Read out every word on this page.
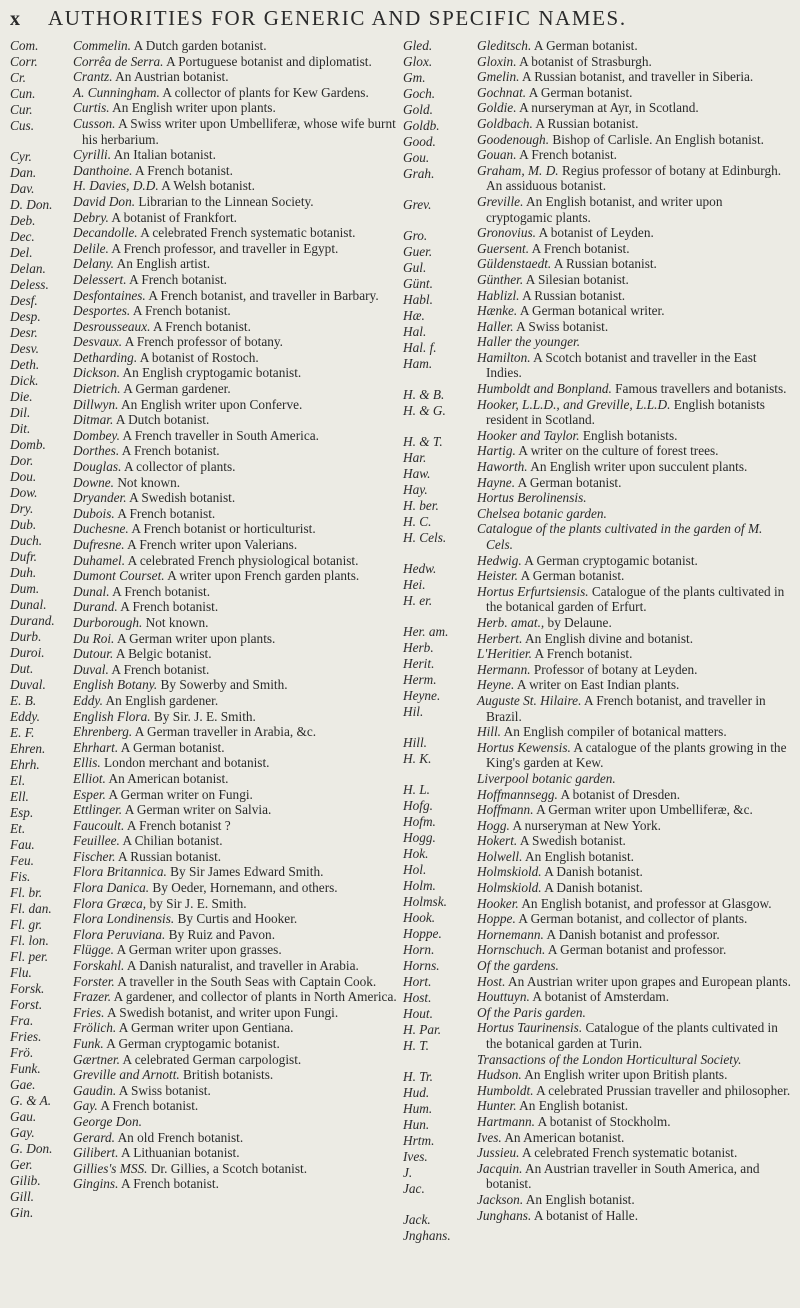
x	AUTHORITIES FOR GENERIC AND SPECIFIC NAMES.
Com.
Corr.
Cr.
Cun.
Cur.
Cus.
Cyr.
Dan.
Dav.
D. Don.
Deb.
Dec.
Del.
Delan.
Deless.
Desf.
Desp.
Desr.
Desv.
Deth.
Dick.
Die.
Dil.
Dit.
Domb.
Dor.
Dou.
Dow.
Dry.
Dub.
Duch.
Dufr.
Duh.
Dum.
Dunal.
Durand.
Durb.
Duroi.
Dut.
Duval.
E. B.
Eddy.
E. F.
Ehren.
Ehrh.
El.
Ell.
Esp.
Et.
Fau.
Feu.
Fis.
Fl. br.
Fl. dan.
Fl. gr.
Fl. lon.
Fl. per.
Flu.
Forsk.
Forst.
Fra.
Fries.
Frö.
Funk.
Gae.
G. & A.
Gau.
Gay.
G. Don.
Ger.
Gilib.
Gill.
Gin.

Commelin. A Dutch garden botanist.

Corrêa de Serra. A Portuguese botanist and diplomatist.

Crantz. An Austrian botanist.

A. Cunningham. A collector of plants for Kew Gardens.

Curtis. An English writer upon plants.

Cusson. A Swiss writer upon Umbelliferæ, whose wife burnt his herbarium.

Cyrilli. An Italian botanist.

Danthoine. A French botanist.

H. Davies, D.D. A Welsh botanist.

David Don. Librarian to the Linnean Society.

Debry. A botanist of Frankfort.

Decandolle. A celebrated French systematic botanist.

Delile. A French professor, and traveller in Egypt.

Delany. An English artist.

Delessert. A French botanist.

Desfontaines. A French botanist, and traveller in Barbary.

Desportes. A French botanist.

Desrousseaux. A French botanist.

Desvaux. A French professor of botany.

Detharding. A botanist of Rostoch.

Dickson. An English cryptogamic botanist.

Dietrich. A German gardener.

Dillwyn. An English writer upon Conferve.

Ditmar. A Dutch botanist.

Dombey. A French traveller in South America.

Dorthes. A French botanist.

Douglas. A collector of plants.

Downe. Not known.

Dryander. A Swedish botanist.

Dubois. A French botanist.

Duchesne. A French botanist or horticulturist.

Dufresne. A French writer upon Valerians.

Duhamel. A celebrated French physiological botanist.

Dumont Courset. A writer upon French garden plants.

Dunal. A French botanist.

Durand. A French botanist.

Durborough. Not known.

Du Roi. A German writer upon plants.

Dutour. A Belgic botanist.

Duval. A French botanist.

English Botany. By Sowerby and Smith.

Eddy. An English gardener.

English Flora. By Sir. J. E. Smith.

Ehrenberg. A German traveller in Arabia, &c.

Ehrhart. A German botanist.

Ellis. London merchant and botanist.

Elliot. An American botanist.

Esper. A German writer on Fungi.

Ettlinger. A German writer on Salvia.

Faucoult. A French botanist ?

Feuillee. A Chilian botanist.

Fischer. A Russian botanist.

Flora Britannica. By Sir James Edward Smith.

Flora Danica. By Oeder, Hornemann, and others.

Flora Græca, by Sir J. E. Smith.

Flora Londinensis. By Curtis and Hooker.

Flora Peruviana. By Ruiz and Pavon.

Flügge. A German writer upon grasses.

Forskahl. A Danish naturalist, and traveller in Arabia.

Forster. A traveller in the South Seas with Captain Cook.

Frazer. A gardener, and collector of plants in North America.

Fries. A Swedish botanist, and writer upon Fungi.

Frölich. A German writer upon Gentiana.

Funk. A German cryptogamic botanist.

Gærtner. A celebrated German carpologist.

Greville and Arnott. British botanists.

Gaudin. A Swiss botanist.

Gay. A French botanist.

George Don.

Gerard. An old French botanist.

Gilibert. A Lithuanian botanist.

Gillies's MSS. Dr. Gillies, a Scotch botanist.

Gingins. A French botanist.

Gled.
Glox.
Gm.
Goch.
Gold.
Goldb.
Good.
Gou.
Grah.
Grev.
Gro.
Guer.
Gul.
Günt.
Habl.
Hæ.
Hal.
Hal. f.
Ham.
H. & B.
H. & G.
H. & T.
Har.
Haw.
Hay.
H. ber.
H. C.
H. Cels.
Hedw.
Hei.
H. er.
Her. am.
Herb.
Herit.
Herm.
Heyne.
Hil.
Hill.
H. K.
H. L.
Hofg.
Hofm.
Hogg.
Hok.
Hol.
Holm.
Holmsk.
Hook.
Hoppe.
Horn.
Horns.
Hort.
Host.
Hout.
H. Par.
H. T.
H. Tr.
Hud.
Hum.
Hun.
Hrtm.
Ives.
J.
Jac.
Jack.
Jnghans.

Gleditsch. A German botanist.

Gloxin. A botanist of Strasburgh.

Gmelin. A Russian botanist, and traveller in Siberia.

Gochnat. A German botanist.

Goldie. A nurseryman at Ayr, in Scotland.

Goldbach. A Russian botanist.

Goodenough. Bishop of Carlisle. An English botanist.

Gouan. A French botanist.

Graham, M. D. Regius professor of botany at Edinburgh. An assiduous botanist.

Greville. An English botanist, and writer upon cryptogamic plants.

Gronovius. A botanist of Leyden.

Guersent. A French botanist.

Güldenstaedt. A Russian botanist.

Günther. A Silesian botanist.

Hablizl. A Russian botanist.

Hænke. A German botanical writer.

Haller. A Swiss botanist.

Haller the younger.

Hamilton. A Scotch botanist and traveller in the East Indies.

Humboldt and Bonpland. Famous travellers and botanists.

Hooker, L.L.D., and Greville, L.L.D. English botanists resident in Scotland.

Hooker and Taylor. English botanists.

Hartig. A writer on the culture of forest trees.

Haworth. An English writer upon succulent plants.

Hayne. A German botanist.

Hortus Berolinensis.

Chelsea botanic garden.

Catalogue of the plants cultivated in the garden of M. Cels.

Hedwig. A German cryptogamic botanist.

Heister. A German botanist.

Hortus Erfurtsiensis. Catalogue of the plants cultivated in the botanical garden of Erfurt.

Herb. amat., by Delaune.

Herbert. An English divine and botanist.

L'Heritier. A French botanist.

Hermann. Professor of botany at Leyden.

Heyne. A writer on East Indian plants.

Auguste St. Hilaire. A French botanist, and traveller in Brazil.

Hill. An English compiler of botanical matters.

Hortus Kewensis. A catalogue of the plants growing in the King's garden at Kew.

Liverpool botanic garden.

Hoffmannsegg. A botanist of Dresden.

Hoffmann. A German writer upon Umbelliferæ, &c.

Hogg. A nurseryman at New York.

Hokert. A Swedish botanist.

Holwell. An English botanist.

Holmskiold. A Danish botanist.

Holmskiold. A Danish botanist.

Hooker. An English botanist, and professor at Glasgow.

Hoppe. A German botanist, and collector of plants.

Hornemann. A Danish botanist and professor.

Hornschuch. A German botanist and professor.

Of the gardens.

Host. An Austrian writer upon grapes and European plants.

Houttuyn. A botanist of Amsterdam.

Of the Paris garden.

Hortus Taurinensis. Catalogue of the plants cultivated in the botanical garden at Turin.

Transactions of the London Horticultural Society.

Hudson. An English writer upon British plants.

Humboldt. A celebrated Prussian traveller and philosopher.

Hunter. An English botanist.

Hartmann. A botanist of Stockholm.

Ives. An American botanist.

Jussieu. A celebrated French systematic botanist.

Jacquin. An Austrian traveller in South America, and botanist.

Jackson. An English botanist.

Junghans. A botanist of Halle.
